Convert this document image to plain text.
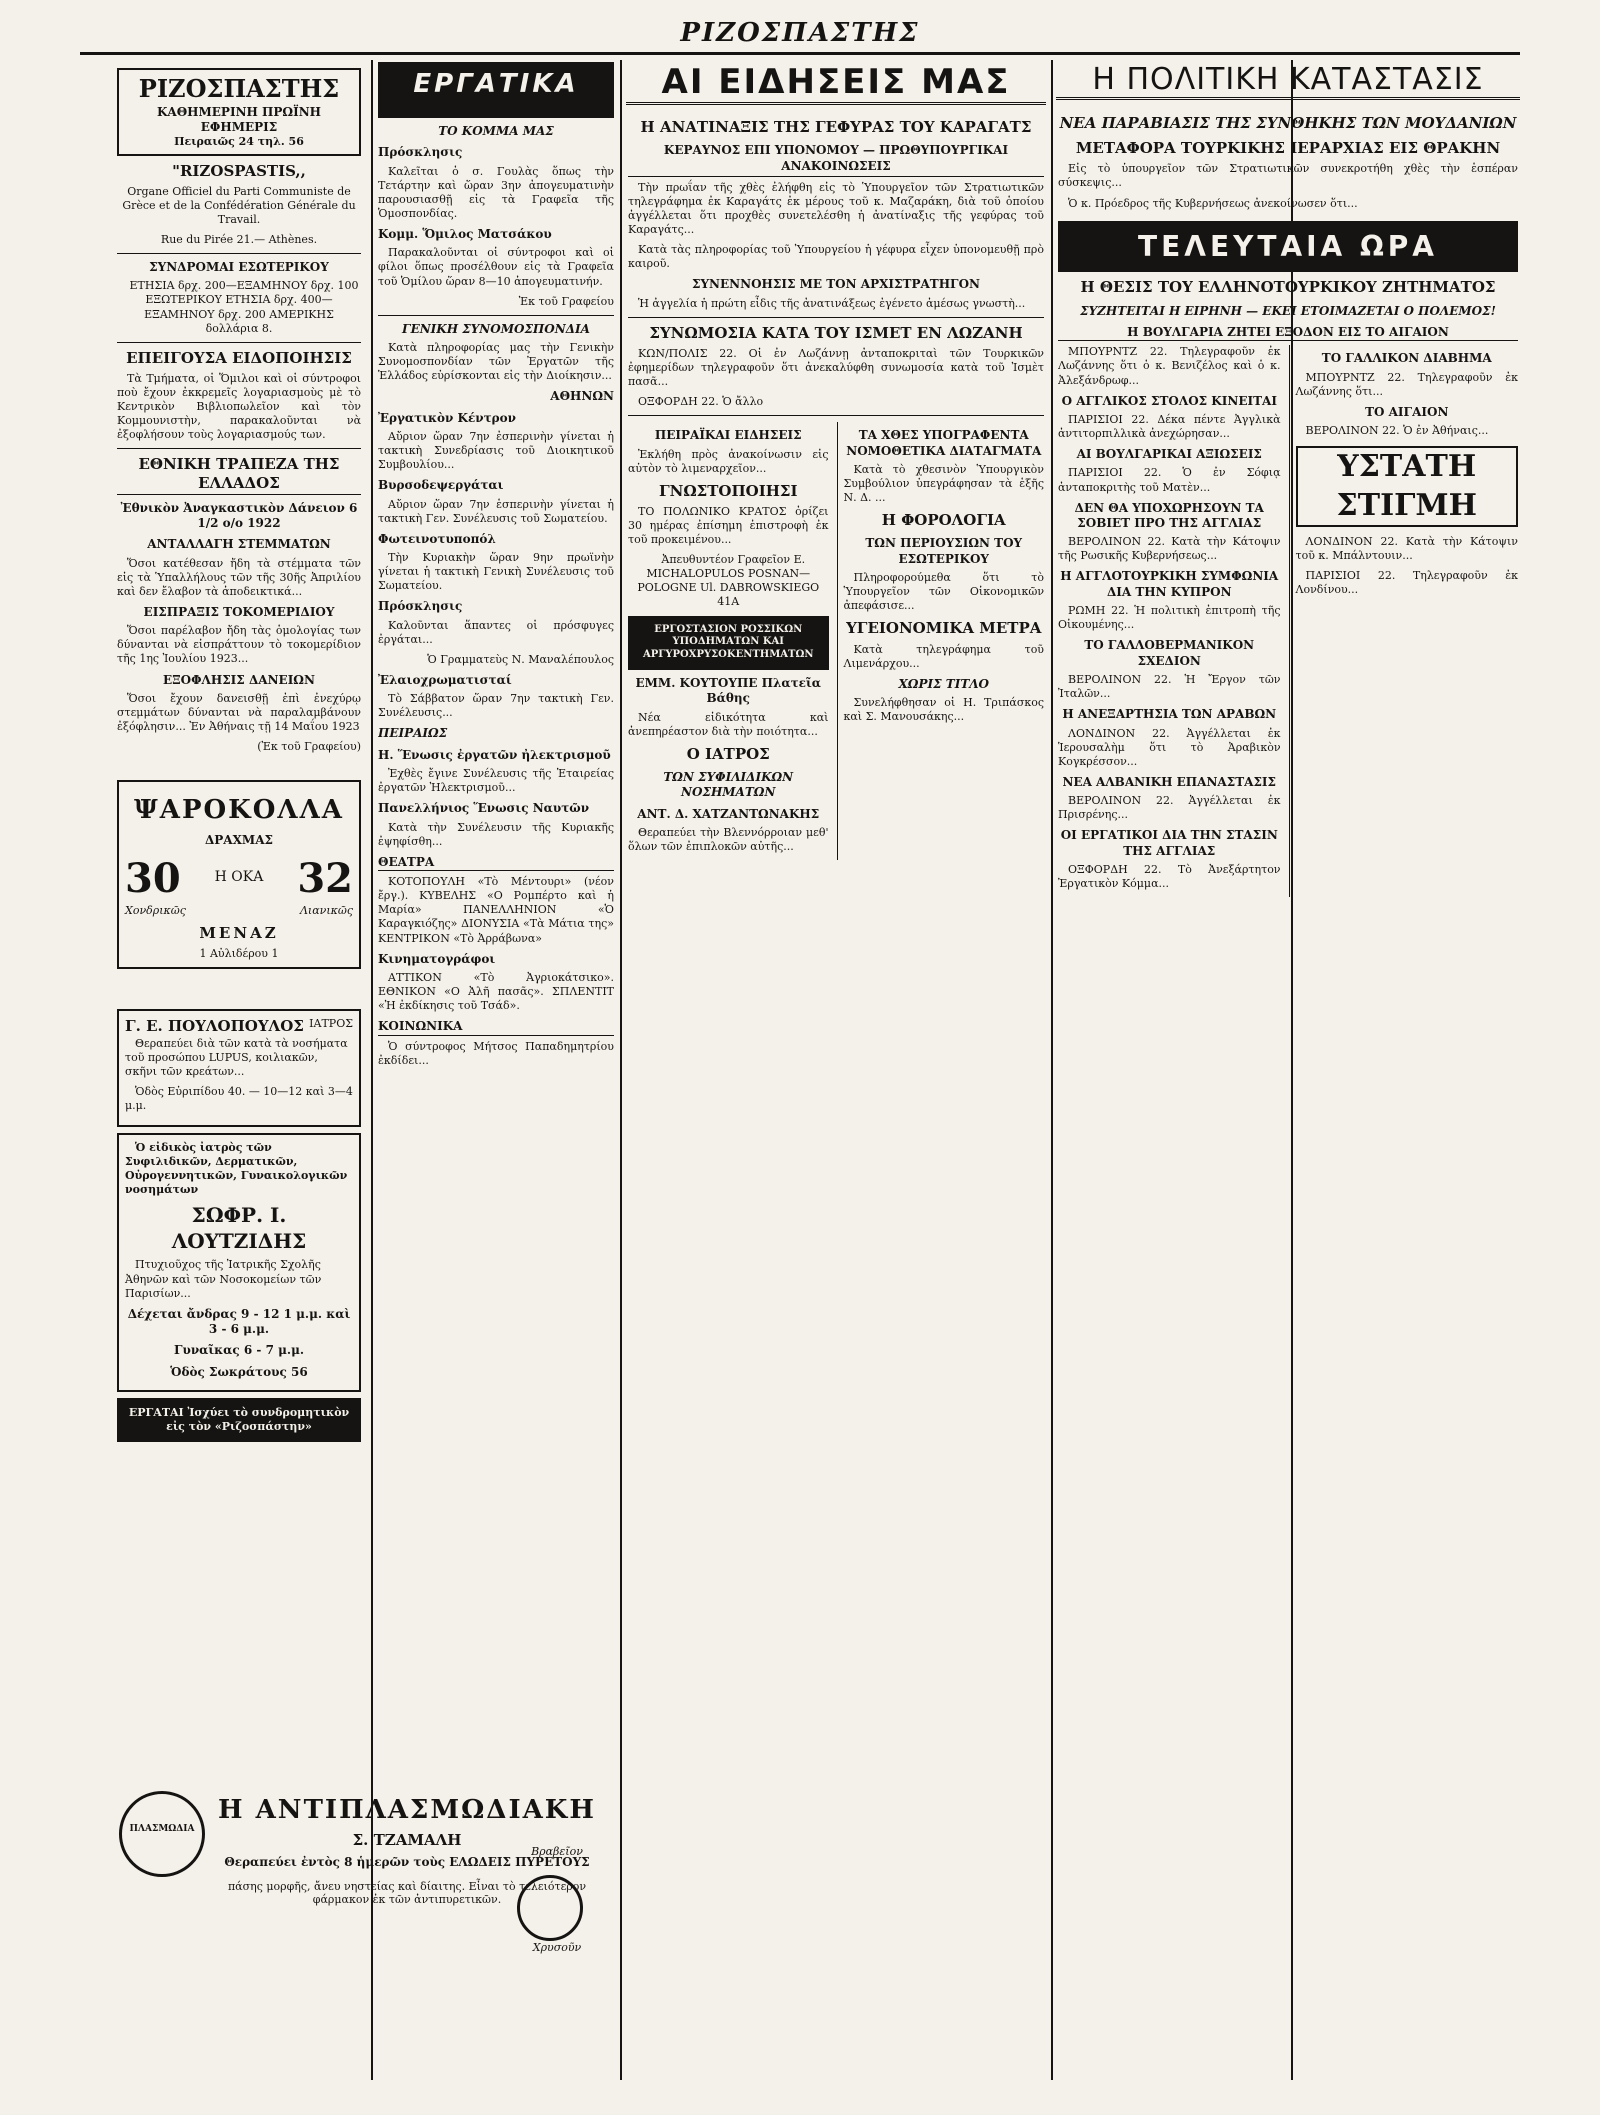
ΡΙΖΟΣΠΑΣΤΗΣ
ΡΙΖΟΣΠΑΣΤΗΣ
ΚΑΘΗΜΕΡΙΝΗ ΠΡΩΪΝΗ ΕΦΗΜΕΡΙΣ
Πειραιῶς 24 τηλ. 56
"RIZOSPASTIS,,

Organe Officiel du Parti Communiste de Grèce et de la Confédération Générale du Travail.

Rue du Pirée 21.— Athènes.

ΣΥΝΔΡΟΜΑΙ ΕΣΩΤΕΡΙΚΟΥ

ΕΤΗΣΙΑ δρχ. 200—ΕΞΑΜΗΝΟΥ δρχ. 100 ΕΞΩΤΕΡΙΚΟΥ ΕΤΗΣΙΑ δρχ. 400—ΕΞΑΜΗΝΟΥ δρχ. 200 ΑΜΕΡΙΚΗΣ δολλάρια 8.

ΕΠΕΙΓΟΥΣΑ ΕΙΔΟΠΟΙΗΣΙΣ

Τὰ Τμήματα, οἱ Ὅμιλοι καὶ οἱ σύντροφοι ποὺ ἔχουν ἐκκρεμεῖς λογαριασμοὺς μὲ τὸ Κεντρικὸν Βιβλιοπωλεῖον καὶ τὸν Κομμουνιστὴν, παρακαλοῦνται νὰ ἐξοφλήσουν τοὺς λογαριασμούς των.

ΕΘΝΙΚΗ ΤΡΑΠΕΖΑ ΤΗΣ ΕΛΛΑΔΟΣ
Ἐθνικὸν Ἀναγκαστικὸν Δάνειον 6 1/2 ο/ο 1922
ΑΝΤΑΛΛΑΓΗ ΣΤΕΜΜΑΤΩΝ

Ὅσοι κατέθεσαν ἤδη τὰ στέμματα τῶν εἰς τὰ Ὑπαλλήλους τῶν τῆς 30ῆς Ἀπριλίου καὶ δεν ἔλαβον τὰ ἀποδεικτικά...

ΕΙΣΠΡΑΞΙΣ ΤΟΚΟΜΕΡΙΔΙΟΥ

Ὅσοι παρέλαβον ἤδη τὰς ὁμολογίας των δύνανται νὰ εἰσπράττουν τὸ τοκομερίδιον τῆς 1ης Ἰουλίου 1923...

ΕΞΟΦΛΗΣΙΣ ΔΑΝΕΙΩΝ

Ὅσοι ἔχουν δανεισθῇ ἐπὶ ἐνεχύρῳ στεμμάτων δύνανται νὰ παραλαμβάνουν ἐξόφλησιν... Ἐν Ἀθήναις τῇ 14 Μαΐου 1923

(Ἐκ τοῦ Γραφείου)

ΨΑΡΟΚΟΛΛΑ
ΔΡΑΧΜΑΣ
30 Η ΟΚΑ 32
Χονδρικῶς	Λιανικῶς
ΜΕΝΑΖ
1 Αὐλιδέρου 1
Γ. Ε. ΠΟΥΛΟΠΟΥΛΟΣ ΙΑΤΡΟΣ

Θεραπεύει διὰ τῶν κατὰ τὰ νοσήματα τοῦ προσώπου LUPUS, κοιλιακῶν, σκῆνι τῶν κρεάτων...

Ὁδὸς Εὐριπίδου 40. — 10—12 καὶ 3—4 μ.μ.

Ὁ εἰδικὸς ἰατρὸς τῶν Συφιλιδικῶν, Δερματικῶν, Οὐρογεννητικῶν, Γυναικολογικῶν νοσημάτων

ΣΩΦΡ. Ι. ΛΟΥΤΖΙΔΗΣ

Πτυχιοῦχος τῆς Ἰατρικῆς Σχολῆς Ἀθηνῶν καὶ τῶν Νοσοκομείων τῶν Παρισίων...

Δέχεται ἄνδρας 9 - 12 1 μ.μ. καὶ 3 - 6 μ.μ.
Γυναῖκας 6 - 7 μ.μ.
Ὁδὸς Σωκράτους 56
ΕΡΓΑΤΑΙ Ἰσχύει τὸ συνδρομητικὸν εἰς τὸν «Ριζοσπάστην»
ΕΡΓΑΤΙΚΑ
ΤΟ ΚΟΜΜΑ ΜΑΣ
Πρόσκλησις

Καλεῖται ὁ σ. Γουλὰς ὅπως τὴν Τετάρτην καὶ ὥραν 3ην ἀπογευματινὴν παρουσιασθῇ εἰς τὰ Γραφεῖα τῆς Ὁμοσπονδίας.

Κομμ. Ὅμιλος Ματσάκου

Παρακαλοῦνται οἱ σύντροφοι καὶ οἱ φίλοι ὅπως προσέλθουν εἰς τὰ Γραφεῖα τοῦ Ὁμίλου ὥραν 8—10 ἀπογευματινήν.

Ἐκ τοῦ Γραφείου

ΓΕΝΙΚΗ ΣΥΝΟΜΟΣΠΟΝΔΙΑ

Κατὰ πληροφορίας μας τὴν Γενικὴν Συνομοσπονδίαν τῶν Ἐργατῶν τῆς Ἑλλάδος εὑρίσκονται εἰς τὴν Διοίκησιν...

ΑΘΗΝΩΝ
Ἐργατικὸν Κέντρον

Αὔριον ὥραν 7ην ἐσπερινὴν γίνεται ἡ τακτικὴ Συνεδρίασις τοῦ Διοικητικοῦ Συμβουλίου...

Βυρσοδεψεργάται

Αὔριον ὥραν 7ην ἑσπερινὴν γίνεται ἡ τακτικὴ Γεν. Συνέλευσις τοῦ Σωματείου.

Φωτεινοτυποπόλ

Τὴν Κυριακὴν ὥραν 9ην πρωϊνὴν γίνεται ἡ τακτικὴ Γενικὴ Συνέλευσις τοῦ Σωματείου.

Πρόσκλησις

Καλοῦνται ἅπαντες οἱ πρόσφυγες ἐργάται...

Ὁ Γραμματεὺς Ν. Μαναλέπουλος

Ἐλαιοχρωματισταί

Τὸ Σάββατον ὥραν 7ην τακτικὴ Γεν. Συνέλευσις...

ΠΕΙΡΑΙΩΣ
Η. Ἕνωσις ἐργατῶν ἠλεκτρισμοῦ

Ἐχθὲς ἔγινε Συνέλευσις τῆς Ἑταιρείας ἐργατῶν Ἠλεκτρισμοῦ...

Πανελλήνιος Ἕνωσις Ναυτῶν

Κατὰ τὴν Συνέλευσιν τῆς Κυριακῆς ἐψηφίσθη...

ΘΕΑΤΡΑ

ΚΟΤΟΠΟΥΛΗ «Τὸ Μέντουρι» (νέον ἔργ.). ΚΥΒΕΛΗΣ «Ο Ρομπέρτο καὶ ἡ Μαρία» ΠΑΝΕΛΛΗΝΙΟΝ «Ὁ Καραγκιόζης» ΔΙΟΝΥΣΙΑ «Τὰ Μάτια της» ΚΕΝΤΡΙΚΟΝ «Τὸ Ἀρράβωνα»

Κινηματογράφοι

ΑΤΤΙΚΟΝ «Τὸ Ἀγριοκάτσικο». ΕΘΝΙΚΟΝ «Ο Ἀλῆ πασᾶς». ΣΠΛΕΝΤΙΤ «Ἡ ἐκδίκησις τοῦ Τσάδ».

ΚΟΙΝΩΝΙΚΑ

Ὁ σύντροφος Μήτσος Παπαδημητρίου ἐκδίδει...

ΠΛΑΣΜΩΔΙΑ
Η ΑΝΤΙΠΛΑΣΜΩΔΙΑΚΗ
Σ. ΤΖΑΜΑΛΗ
Θεραπεύει ἐντὸς 8 ἡμερῶν τοὺς ΕΛΩΔΕΙΣ ΠΥΡΕΤΟΥΣ

πάσης μορφῆς, ἄνευ νηστείας καὶ δίαιτης. Εἶναι τὸ τελειότερον φάρμακον ἐκ τῶν ἀντιπυρετικῶν.

Βραβεῖον
Χρυσοῦν
ΑΙ ΕΙΔΗΣΕΙΣ ΜΑΣ
Η ΑΝΑΤΙΝΑΞΙΣ ΤΗΣ ΓΕΦΥΡΑΣ ΤΟΥ ΚΑΡΑΓΑΤΣ
ΚΕΡΑΥΝΟΣ ΕΠΙ ΥΠΟΝΟΜΟΥ — ΠΡΩΘΥΠΟΥΡΓΙΚΑΙ ΑΝΑΚΟΙΝΩΣΕΙΣ

Τὴν πρωΐαν τῆς χθὲς ἐλήφθη εἰς τὸ Ὑπουργεῖον τῶν Στρατιωτικῶν τηλεγράφημα ἐκ Καραγάτς ἐκ μέρους τοῦ κ. Μαζαράκη, διὰ τοῦ ὁποίου ἀγγέλλεται ὅτι προχθὲς συνετελέσθη ἡ ἀνατίναξις τῆς γεφύρας τοῦ Καραγάτς...

Κατὰ τὰς πληροφορίας τοῦ Ὑπουργείου ἡ γέφυρα εἶχεν ὑπονομευθῇ πρὸ καιροῦ.

ΣΥΝΕΝΝΟΗΣΙΣ ΜΕ ΤΟΝ ΑΡΧΙΣΤΡΑΤΗΓΟΝ

Ἡ ἀγγελία ἡ πρώτη εἶδις τῆς ἀνατινάξεως ἐγένετο ἀμέσως γνωστὴ...

ΣΥΝΩΜΟΣΙΑ ΚΑΤΑ ΤΟΥ ΙΣΜΕΤ ΕΝ ΛΩΖΑΝΗ

ΚΩΝ/ΠΟΛΙΣ 22. Οἱ ἐν Λωζάννῃ ἀνταποκριταὶ τῶν Τουρκικῶν ἐφημερίδων τηλεγραφοῦν ὅτι ἀνεκαλύφθη συνωμοσία κατὰ τοῦ Ἰσμὲτ πασᾶ...

ΟΞΦΟΡΔΗ 22. Ὁ ἄλλο

ΠΕΙΡΑΪΚΑΙ ΕΙΔΗΣΕΙΣ

Ἐκλήθη πρὸς ἀνακοίνωσιν εἰς αὐτὸν τὸ λιμεναρχεῖον...

ΓΝΩΣΤΟΠΟΙΗΣΙ

ΤΟ ΠΟΛΩΝΙΚΟ ΚΡΑΤΟΣ ὁρίζει 30 ημέρας ἐπίσημη ἐπιστροφὴ ἐκ τοῦ προκειμένου...

Ἀπευθυντέον Γραφεῖον Ε. MICHALOPULOS POSNAN—POLOGNE Ul. DABROWSKIEGO 41A

ΕΡΓΟΣΤΑΣΙΟΝ ΡΟΣΣΙΚΩΝ ΥΠΟΔΗΜΑΤΩΝ ΚΑΙ ΑΡΓΥΡΟΧΡΥΣΟΚΕΝΤΗΜΑΤΩΝ
ΕΜΜ. ΚΟΥΤΟΥΠΕ Πλατεῖα Βάθης

Νέα εἰδικότητα καὶ ἀνεπηρέαστον διὰ τὴν ποιότητα...

Ο ΙΑΤΡΟΣ
ΤΩΝ ΣΥΦΙΛΙΔΙΚΩΝ ΝΟΣΗΜΑΤΩΝ
ΑΝΤ. Δ. ΧΑΤΖΑΝΤΩΝΑΚΗΣ

Θεραπεύει τὴν Βλεννόρροιαν μεθ' ὅλων τῶν ἐπιπλοκῶν αὐτῆς...

ΤΑ ΧΘΕΣ ΥΠΟΓΡΑΦΕΝΤΑ ΝΟΜΟΘΕΤΙΚΑ ΔΙΑΤΑΓΜΑΤΑ

Κατὰ τὸ χθεσινὸν Ὑπουργικὸν Συμβούλιον ὑπεγράφησαν τὰ ἑξῆς Ν. Δ. ...

Η ΦΟΡΟΛΟΓΙΑ
ΤΩΝ ΠΕΡΙΟΥΣΙΩΝ ΤΟΥ ΕΣΩΤΕΡΙΚΟΥ

Πληροφορούμεθα ὅτι τὸ Ὑπουργεῖον τῶν Οἰκονομικῶν ἀπεφάσισε...

ΥΓΕΙΟΝΟΜΙΚΑ ΜΕΤΡΑ

Κατὰ τηλεγράφημα τοῦ Λιμενάρχου...

ΧΩΡΙΣ ΤΙΤΛΟ

Συνελήφθησαν οἱ Η. Τριπάσκος καὶ Σ. Μανουσάκης...

Η ΠΟΛΙΤΙΚΗ ΚΑΤΑΣΤΑΣΙΣ
ΝΕΑ ΠΑΡΑΒΙΑΣΙΣ ΤΗΣ ΣΥΝΘΗΚΗΣ ΤΩΝ ΜΟΥΔΑΝΙΩΝ
ΜΕΤΑΦΟΡΑ ΤΟΥΡΚΙΚΗΣ ΙΕΡΑΡΧΙΑΣ ΕΙΣ ΘΡΑΚΗΝ

Εἰς τὸ ὑπουργεῖον τῶν Στρατιωτικῶν συνεκροτήθη χθὲς τὴν ἑσπέραν σύσκεψις...

Ὁ κ. Πρόεδρος τῆς Κυβερνήσεως ἀνεκοίνωσεν ὅτι...

ΤΕΛΕΥΤΑΙΑ ΩΡΑ
Η ΘΕΣΙΣ ΤΟΥ ΕΛΛΗΝΟΤΟΥΡΚΙΚΟΥ ΖΗΤΗΜΑΤΟΣ
ΣΥΖΗΤΕΙΤΑΙ Η ΕΙΡΗΝΗ — ΕΚΕΙ ΕΤΟΙΜΑΖΕΤΑΙ Ο ΠΟΛΕΜΟΣ!
Η ΒΟΥΛΓΑΡΙΑ ΖΗΤΕΙ ΕΞΟΔΟΝ ΕΙΣ ΤΟ ΑΙΓΑΙΟΝ

ΜΠΟΥΡΝΤΖ 22. Τηλεγραφοῦν ἐκ Λωζάννης ὅτι ὁ κ. Βενιζέλος καὶ ὁ κ. Ἀλεξάνδρωφ...

Ο ΑΓΓΛΙΚΟΣ ΣΤΟΛΟΣ ΚΙΝΕΙΤΑΙ

ΠΑΡΙΣΙΟΙ 22. Δέκα πέντε Ἀγγλικὰ ἀντιτορπιλλικὰ ἀνεχώρησαν...

ΑΙ ΒΟΥΛΓΑΡΙΚΑΙ ΑΞΙΩΣΕΙΣ

ΠΑΡΙΣΙΟΙ 22. Ὁ ἐν Σόφιᾳ ἀνταποκριτὴς τοῦ Ματὲν...

ΔΕΝ ΘΑ ΥΠΟΧΩΡΗΣΟΥΝ ΤΑ ΣΟΒΙΕΤ ΠΡΟ ΤΗΣ ΑΓΓΛΙΑΣ

ΒΕΡΟΛΙΝΟΝ 22. Κατὰ τὴν Κάτοψιν τῆς Ρωσικῆς Κυβερνήσεως...

Η ΑΓΓΛΟΤΟΥΡΚΙΚΗ ΣΥΜΦΩΝΙΑ ΔΙΑ ΤΗΝ ΚΥΠΡΟΝ

ΡΩΜΗ 22. Ἡ πολιτικὴ ἐπιτροπὴ τῆς Οἰκουμένης...

ΤΟ ΓΑΛΛΟΒΕΡΜΑΝΙΚΟΝ ΣΧΕΔΙΟΝ

ΒΕΡΟΛΙΝΟΝ 22. Ἡ Ἔργον τῶν Ἰταλῶν...

Η ΑΝΕΞΑΡΤΗΣΙΑ ΤΩΝ ΑΡΑΒΩΝ

ΛΟΝΔΙΝΟΝ 22. Ἀγγέλλεται ἐκ Ἱερουσαλὴμ ὅτι τὸ Ἀραβικὸν Κογκρέσσον...

ΝΕΑ ΑΛΒΑΝΙΚΗ ΕΠΑΝΑΣΤΑΣΙΣ

ΒΕΡΟΛΙΝΟΝ 22. Ἀγγέλλεται ἐκ Πρισρένης...

ΟΙ ΕΡΓΑΤΙΚΟΙ ΔΙΑ ΤΗΝ ΣΤΑΣΙΝ ΤΗΣ ΑΓΓΛΙΑΣ

ΟΞΦΟΡΔΗ 22. Τὸ Ἀνεξάρτητον Ἐργατικὸν Κόμμα...

ΤΟ ΓΑΛΛΙΚΟΝ ΔΙΑΒΗΜΑ

ΜΠΟΥΡΝΤΖ 22. Τηλεγραφοῦν ἐκ Λωζάννης ὅτι...

ΤΟ ΑΙΓΑΙΟΝ

ΒΕΡΟΛΙΝΟΝ 22. Ὁ ἐν Ἀθήναις...

ΥΣΤΑΤΗ ΣΤΙΓΜΗ

ΛΟΝΔΙΝΟΝ 22. Κατὰ τὴν Κάτοψιν τοῦ κ. Μπάλντουιν...

ΠΑΡΙΣΙΟΙ 22. Τηλεγραφοῦν ἐκ Λονδίνου...
